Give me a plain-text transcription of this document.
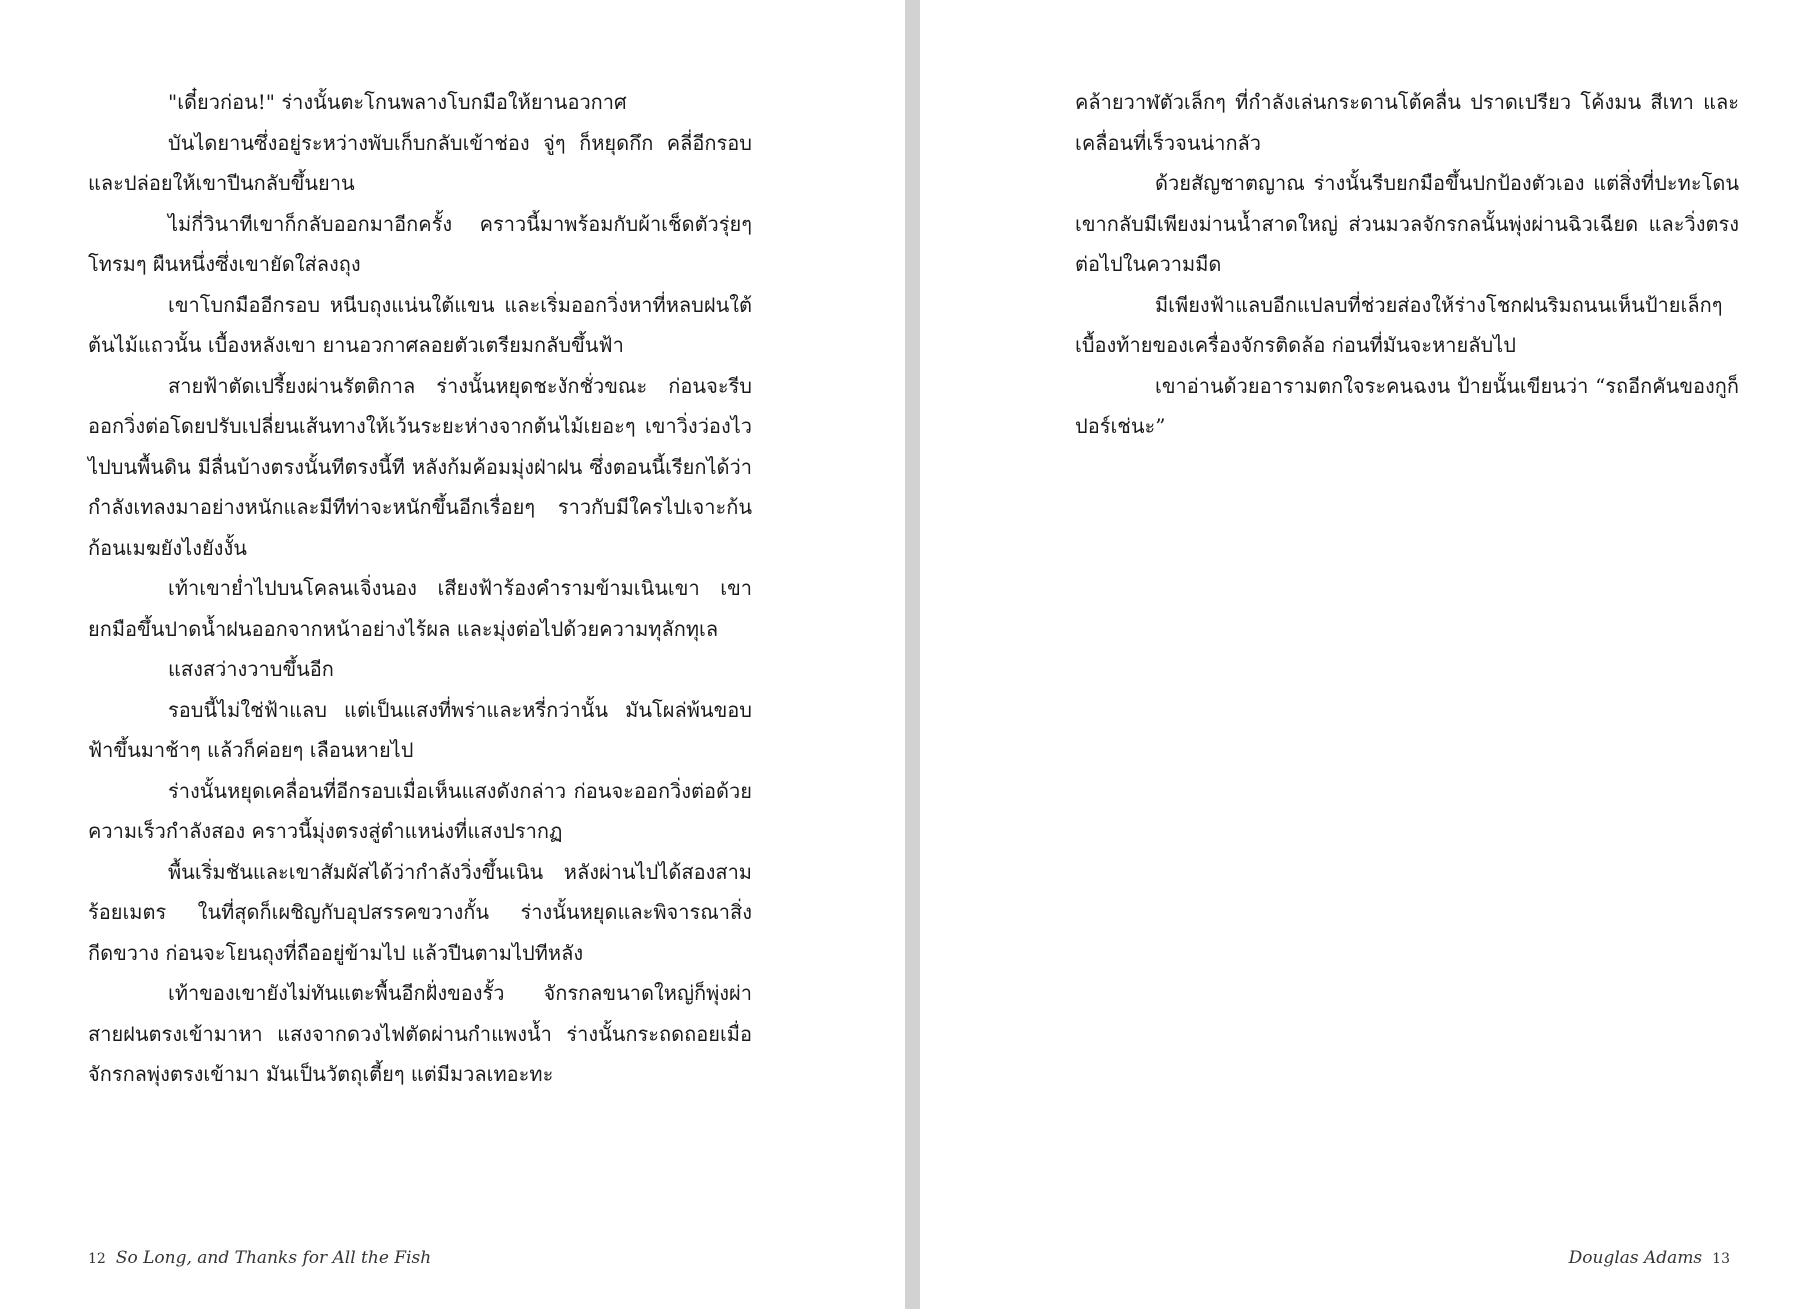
"เดี๋ยวก่อน!" ร่างนั้นตะโกนพลางโบกมือให้ยานอวกาศ

บันไดยานซึ่งอยู่ระหว่างพับเก็บกลับเข้าช่อง จู่ๆ ก็หยุดกึก คลี่อีกรอบ และปล่อยให้เขาปีนกลับขึ้นยาน

ไม่กี่วินาทีเขาก็กลับออกมาอีกครั้ง คราวนี้มาพร้อมกับผ้าเช็ดตัวรุ่ยๆ โทรมๆ ผืนหนึ่งซึ่งเขายัดใส่ลงถุง

เขาโบกมืออีกรอบ หนีบถุงแน่นใต้แขน และเริ่มออกวิ่งหาที่หลบฝนใต้ต้นไม้แถวนั้น เบื้องหลังเขา ยานอวกาศลอยตัวเตรียมกลับขึ้นฟ้า

สายฟ้าตัดเปรี้ยงผ่านรัตติกาล ร่างนั้นหยุดชะงักชั่วขณะ ก่อนจะรีบออกวิ่งต่อโดยปรับเปลี่ยนเส้นทางให้เว้นระยะห่างจากต้นไม้เยอะๆ เขาวิ่งว่องไวไปบนพื้นดิน มีลื่นบ้างตรงนั้นทีตรงนี้ที หลังก้มค้อมมุ่งฝ่าฝน ซึ่งตอนนี้เรียกได้ว่ากำลังเทลงมาอย่างหนักและมีทีท่าจะหนักขึ้นอีกเรื่อยๆ ราวกับมีใครไปเจาะก้นก้อนเมฆยังไงยังงั้น

เท้าเขาย่ำไปบนโคลนเจิ่งนอง เสียงฟ้าร้องคำรามข้ามเนินเขา เขายกมือขึ้นปาดน้ำฝนออกจากหน้าอย่างไร้ผล และมุ่งต่อไปด้วยความทุลักทุเล

แสงสว่างวาบขึ้นอีก

รอบนี้ไม่ใช่ฟ้าแลบ แต่เป็นแสงที่พร่าและหรี่กว่านั้น มันโผล่พ้นขอบฟ้าขึ้นมาช้าๆ แล้วก็ค่อยๆ เลือนหายไป

ร่างนั้นหยุดเคลื่อนที่อีกรอบเมื่อเห็นแสงดังกล่าว ก่อนจะออกวิ่งต่อด้วยความเร็วกำลังสอง คราวนี้มุ่งตรงสู่ตำแหน่งที่แสงปรากฏ

พื้นเริ่มชันและเขาสัมผัสได้ว่ากำลังวิ่งขึ้นเนิน หลังผ่านไปได้สองสามร้อยเมตร ในที่สุดก็เผชิญกับอุปสรรคขวางกั้น ร่างนั้นหยุดและพิจารณาสิ่งกีดขวาง ก่อนจะโยนถุงที่ถืออยู่ข้ามไป แล้วปีนตามไปทีหลัง

เท้าของเขายังไม่ทันแตะพื้นอีกฝั่งของรั้ว จักรกลขนาดใหญ่ก็พุ่งผ่าสายฝนตรงเข้ามาหา แสงจากดวงไฟตัดผ่านกำแพงน้ำ ร่างนั้นกระถดถอยเมื่อจักรกลพุ่งตรงเข้ามา มันเป็นวัตถุเตี้ยๆ แต่มีมวลเทอะทะ

12 So Long, and Thanks for All the Fish

คล้ายวาฬตัวเล็กๆ ที่กำลังเล่นกระดานโต้คลื่น ปราดเปรียว โค้งมน สีเทา และเคลื่อนที่เร็วจนน่ากลัว

ด้วยสัญชาตญาณ ร่างนั้นรีบยกมือขึ้นปกป้องตัวเอง แต่สิ่งที่ปะทะโดนเขากลับมีเพียงม่านน้ำสาดใหญ่ ส่วนมวลจักรกลนั้นพุ่งผ่านฉิวเฉียด และวิ่งตรงต่อไปในความมืด

มีเพียงฟ้าแลบอีกแปลบที่ช่วยส่องให้ร่างโชกฝนริมถนนเห็นป้ายเล็กๆ เบื้องท้ายของเครื่องจักรติดล้อ ก่อนที่มันจะหายลับไป

เขาอ่านด้วยอารามตกใจระคนฉงน ป้ายนั้นเขียนว่า “รถอีกคันของกูก็ปอร์เช่นะ”

Douglas Adams 13
